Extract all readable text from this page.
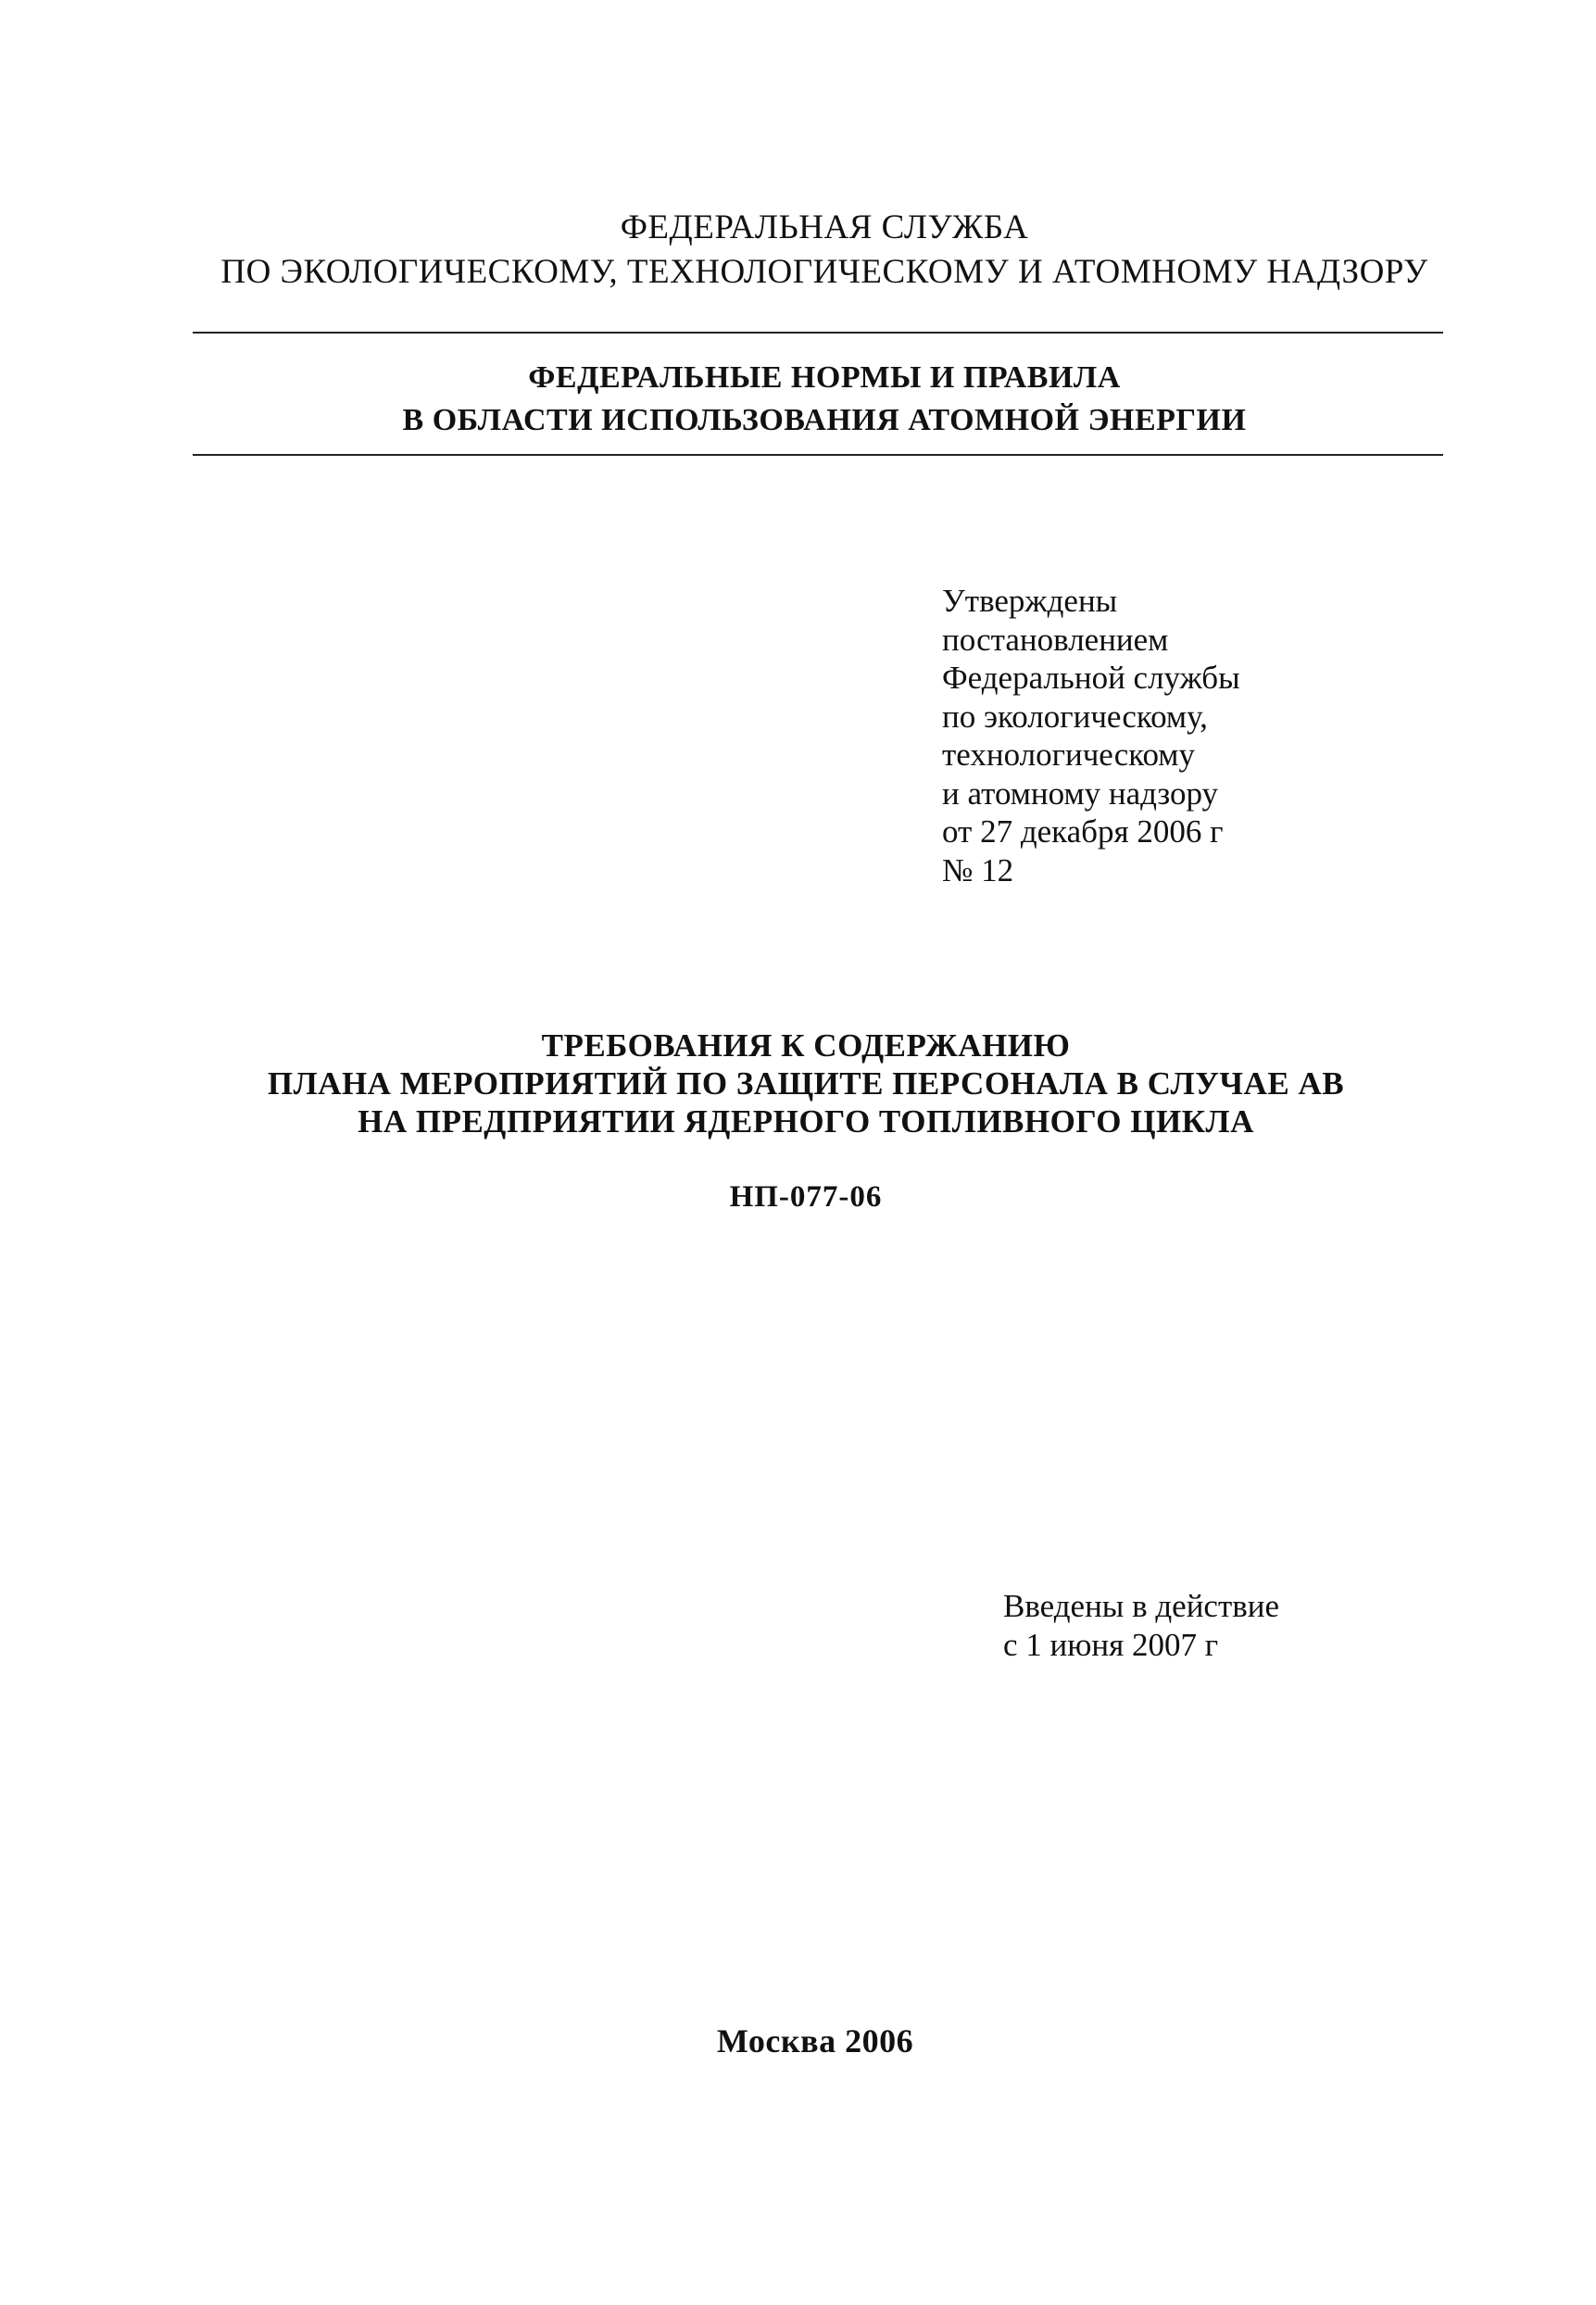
ФЕДЕРАЛЬНАЯ СЛУЖБА
ПО ЭКОЛОГИЧЕСКОМУ, ТЕХНОЛОГИЧЕСКОМУ И АТОМНОМУ НАДЗОРУ
ФЕДЕРАЛЬНЫЕ НОРМЫ И ПРАВИЛА
В ОБЛАСТИ ИСПОЛЬЗОВАНИЯ АТОМНОЙ ЭНЕРГИИ
Утверждены
постановлением
Федеральной службы
по экологическому,
технологическому
и атомному надзору
от 27 декабря 2006 г
№ 12
ТРЕБОВАНИЯ К СОДЕРЖАНИЮ
ПЛАНА МЕРОПРИЯТИЙ ПО ЗАЩИТЕ ПЕРСОНАЛА В СЛУЧАЕ АВ
НА ПРЕДПРИЯТИИ ЯДЕРНОГО ТОПЛИВНОГО ЦИКЛА
НП-077-06
Введены в действие
с 1 июня 2007 г
Москва 2006
